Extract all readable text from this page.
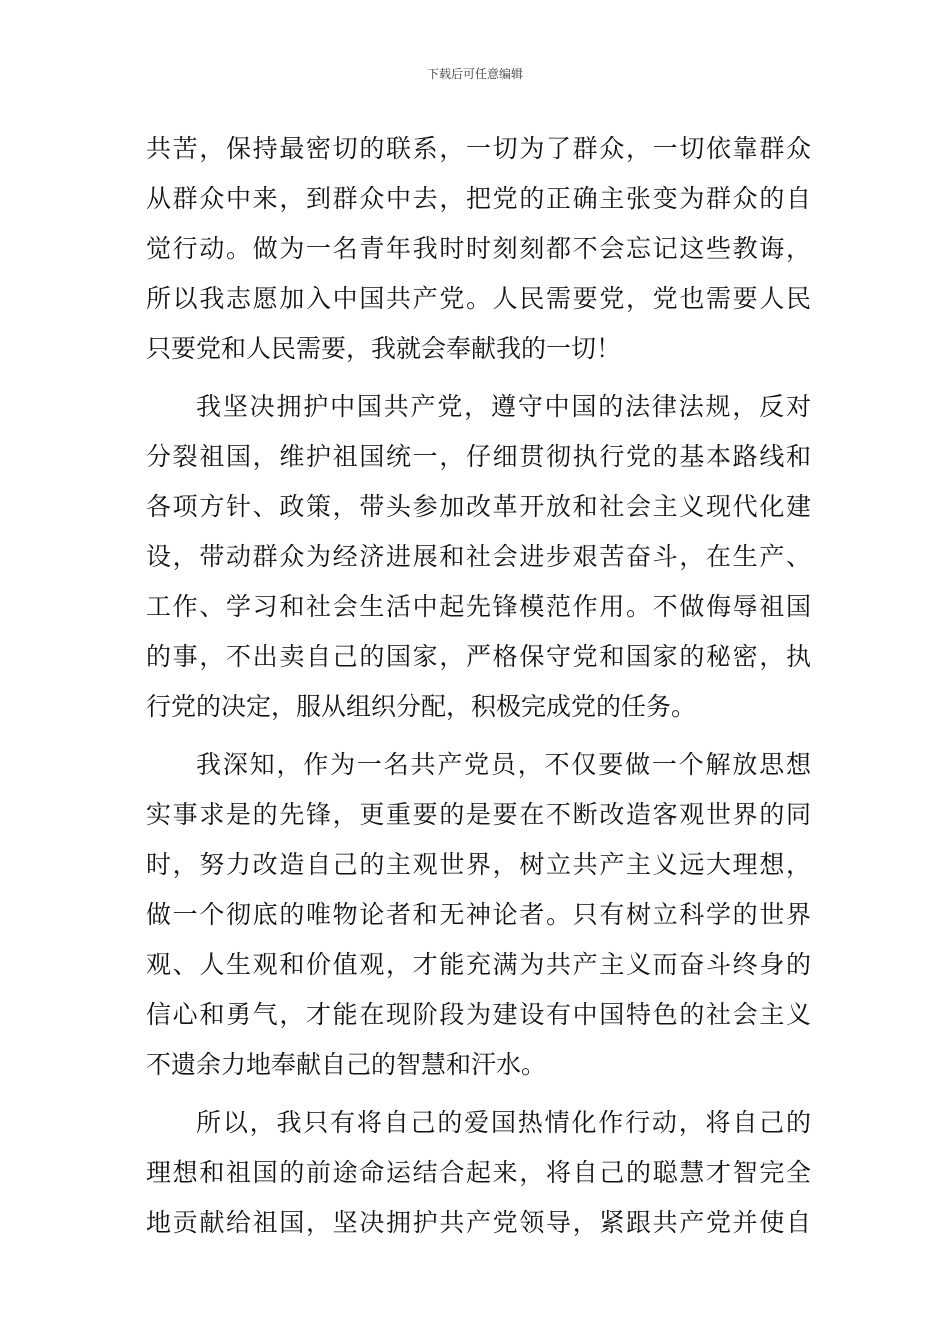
下载后可任意编辑
共苦，保持最密切的联系，一切为了群众，一切依靠群众
从群众中来，到群众中去，把党的正确主张变为群众的自
觉行动。做为一名青年我时时刻刻都不会忘记这些教诲，
所以我志愿加入中国共产党。人民需要党，党也需要人民
只要党和人民需要，我就会奉献我的一切！
我坚决拥护中国共产党，遵守中国的法律法规，反对
分裂祖国，维护祖国统一，仔细贯彻执行党的基本路线和
各项方针、政策，带头参加改革开放和社会主义现代化建
设，带动群众为经济进展和社会进步艰苦奋斗，在生产、
工作、学习和社会生活中起先锋模范作用。不做侮辱祖国
的事，不出卖自己的国家，严格保守党和国家的秘密，执
行党的决定，服从组织分配，积极完成党的任务。
我深知，作为一名共产党员，不仅要做一个解放思想
实事求是的先锋，更重要的是要在不断改造客观世界的同
时，努力改造自己的主观世界，树立共产主义远大理想，
做一个彻底的唯物论者和无神论者。只有树立科学的世界
观、人生观和价值观，才能充满为共产主义而奋斗终身的
信心和勇气，才能在现阶段为建设有中国特色的社会主义
不遗余力地奉献自己的智慧和汗水。
所以，我只有将自己的爱国热情化作行动，将自己的
理想和祖国的前途命运结合起来，将自己的聪慧才智完全
地贡献给祖国，坚决拥护共产党领导，紧跟共产党并使自
